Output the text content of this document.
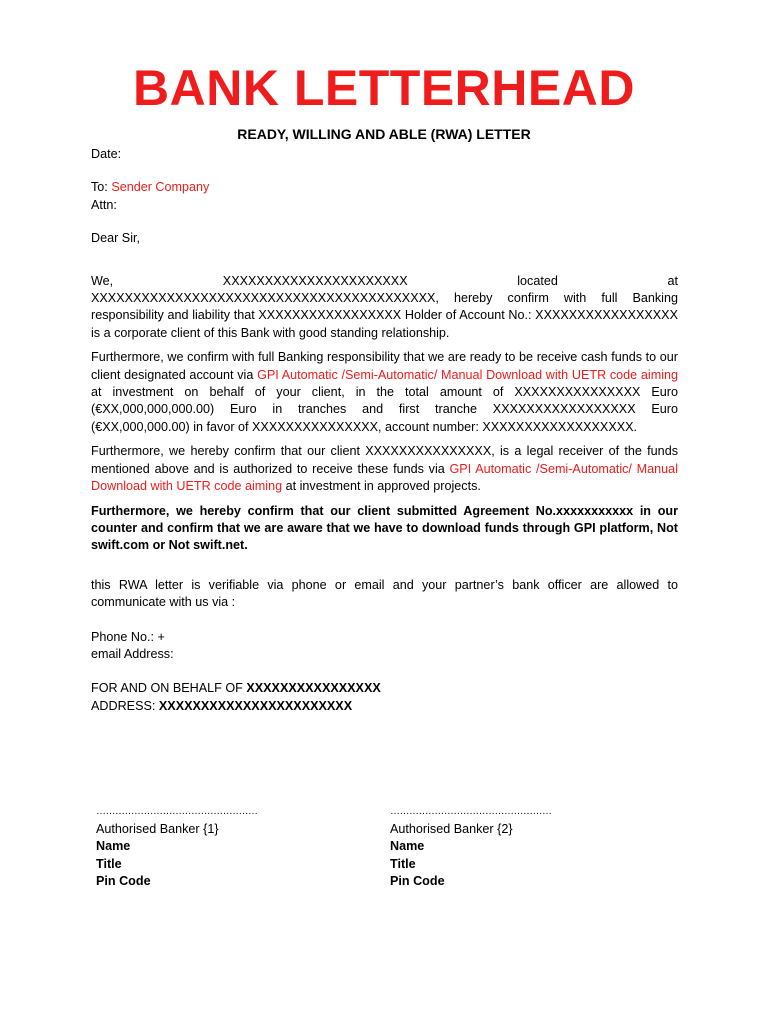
BANK LETTERHEAD
READY, WILLING AND ABLE (RWA) LETTER
Date:
To: Sender Company
Attn:
Dear Sir,

We, XXXXXXXXXXXXXXXXXXXXXX located at XXXXXXXXXXXXXXXXXXXXXXXXXXXXXXXXXXXXXXXXX, hereby confirm with full Banking responsibility and liability that XXXXXXXXXXXXXXXXX Holder of Account No.: XXXXXXXXXXXXXXXXX is a corporate client of this Bank with good standing relationship.

Furthermore, we confirm with full Banking responsibility that we are ready to be receive cash funds to our client designated account via GPI Automatic /Semi-Automatic/ Manual Download with UETR code aiming at investment on behalf of your client, in the total amount of XXXXXXXXXXXXXXX Euro (€XX,000,000,000.00) Euro in tranches and first tranche XXXXXXXXXXXXXXXXX Euro (€XX,000,000.00) in favor of XXXXXXXXXXXXXXX, account number: XXXXXXXXXXXXXXXXXX.

Furthermore, we hereby confirm that our client XXXXXXXXXXXXXXX, is a legal receiver of the funds mentioned above and is authorized to receive these funds via GPI Automatic /Semi-Automatic/ Manual Download with UETR code aiming at investment in approved projects.

Furthermore, we hereby confirm that our client submitted Agreement No.xxxxxxxxxxx in our counter and confirm that we are aware that we have to download funds through GPI platform, Not swift.com or Not swift.net.

this RWA letter is verifiable via phone or email and your partner’s bank officer are allowed to communicate with us via :

Phone No.: +
email Address:
FOR AND ON BEHALF OF XXXXXXXXXXXXXXXX
ADDRESS: XXXXXXXXXXXXXXXXXXXXXXX
……………………………………………
Authorised Banker {1}
Name
Title
Pin Code
……………………………………………
Authorised Banker {2}
Name
Title
Pin Code
